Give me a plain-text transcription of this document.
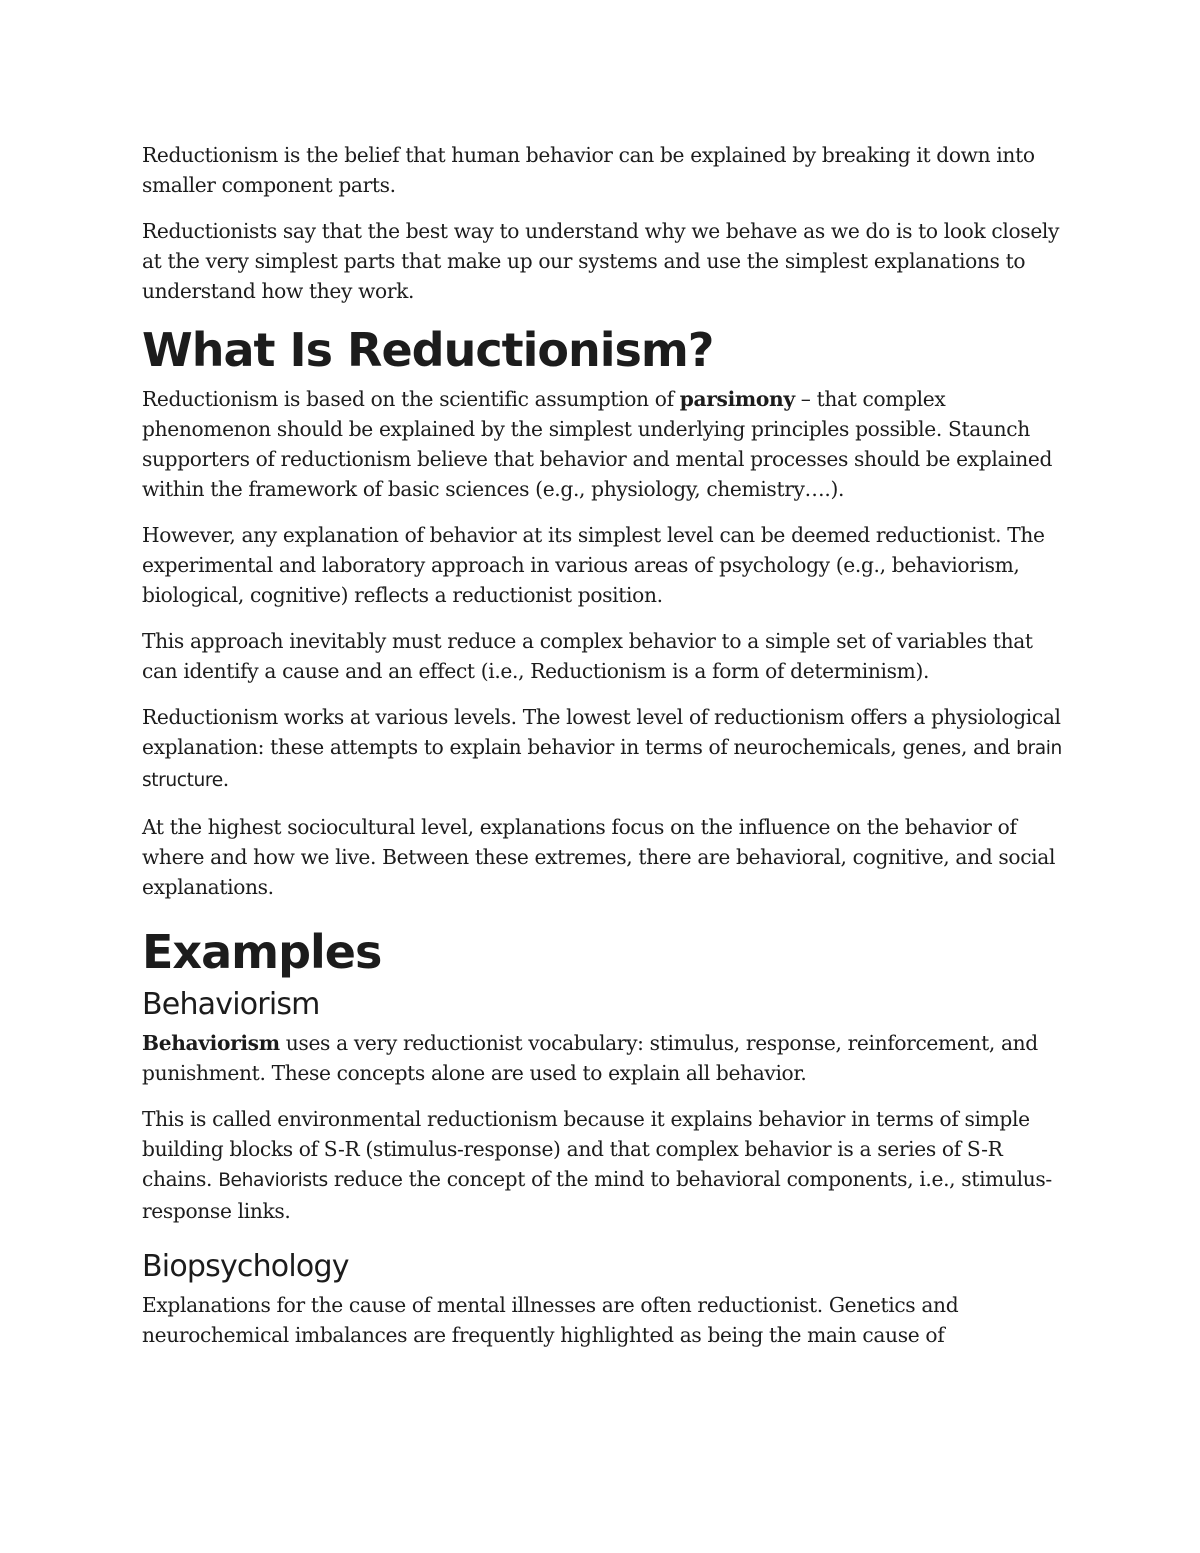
Reductionism is the belief that human behavior can be explained by breaking it down into smaller component parts.

Reductionists say that the best way to understand why we behave as we do is to look closely at the very simplest parts that make up our systems and use the simplest explanations to understand how they work.

What Is Reductionism?

Reductionism is based on the scientific assumption of parsimony – that complex phenomenon should be explained by the simplest underlying principles possible. Staunch supporters of reductionism believe that behavior and mental processes should be explained within the framework of basic sciences (e.g., physiology, chemistry….).

However, any explanation of behavior at its simplest level can be deemed reductionist. The experimental and laboratory approach in various areas of psychology (e.g., behaviorism, biological, cognitive) reflects a reductionist position.

This approach inevitably must reduce a complex behavior to a simple set of variables that can identify a cause and an effect (i.e., Reductionism is a form of determinism).

Reductionism works at various levels. The lowest level of reductionism offers a physiological explanation: these attempts to explain behavior in terms of neurochemicals, genes, and brain structure.

At the highest sociocultural level, explanations focus on the influence on the behavior of where and how we live. Between these extremes, there are behavioral, cognitive, and social explanations.

Examples
Behaviorism

Behaviorism uses a very reductionist vocabulary: stimulus, response, reinforcement, and punishment. These concepts alone are used to explain all behavior.

This is called environmental reductionism because it explains behavior in terms of simple building blocks of S-R (stimulus-response) and that complex behavior is a series of S-R chains. Behaviorists reduce the concept of the mind to behavioral components, i.e., stimulus-response links.

Biopsychology

Explanations for the cause of mental illnesses are often reductionist. Genetics and neurochemical imbalances are frequently highlighted as being the main cause of
